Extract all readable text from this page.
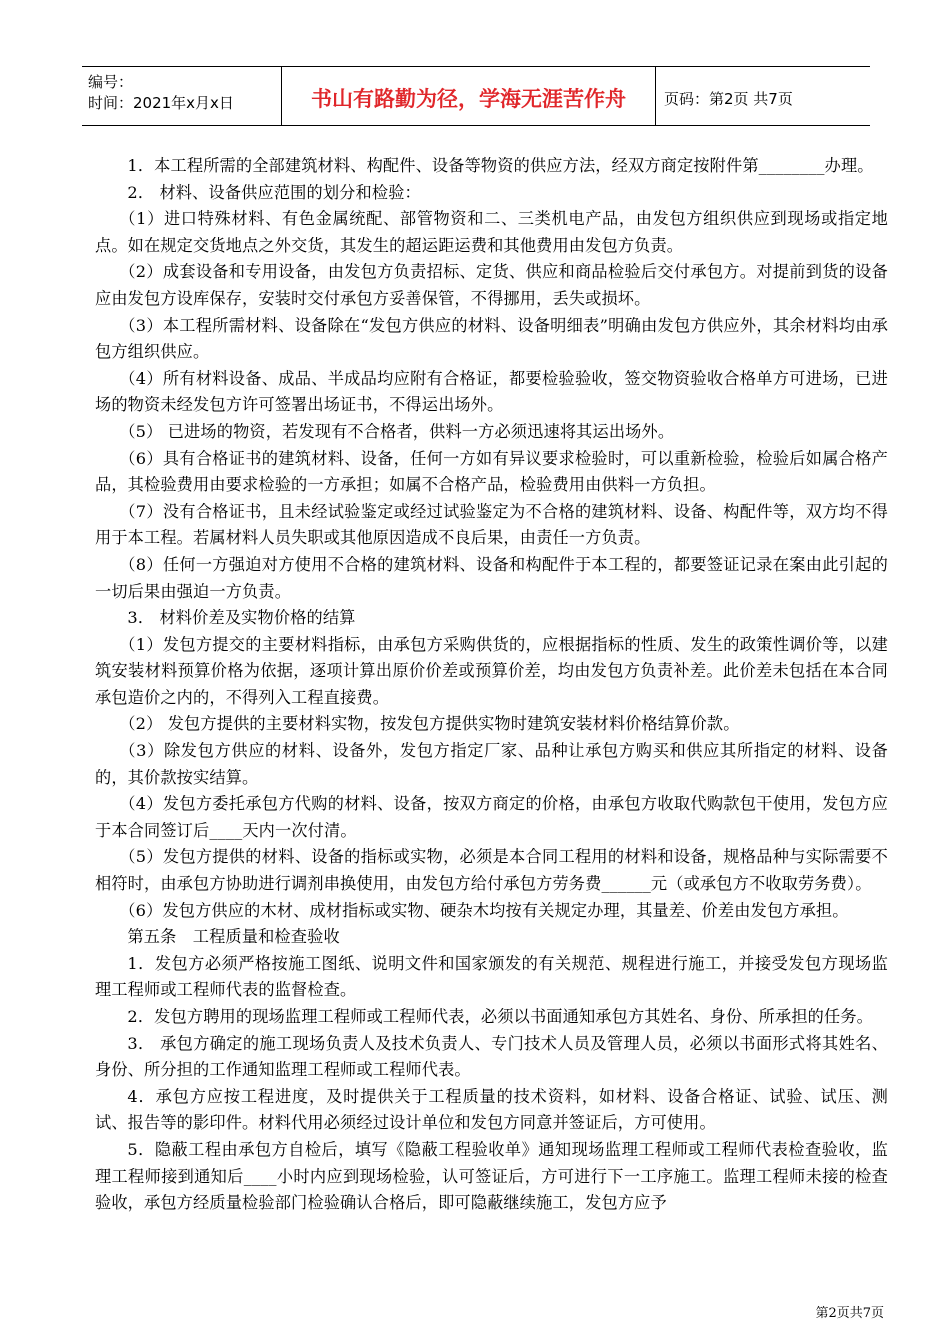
编号：
时间：2021年x月x日	书山有路勤为径，学海无涯苦作舟	页码：第2页 共7页

1．本工程所需的全部建筑材料、构配件、设备等物资的供应方法，经双方商定按附件第________办理。

2． 材料、设备供应范围的划分和检验：

（1）进口特殊材料、有色金属统配、部管物资和二、三类机电产品，由发包方组织供应到现场或指定地点。如在规定交货地点之外交货，其发生的超运距运费和其他费用由发包方负责。

（2）成套设备和专用设备，由发包方负责招标、定货、供应和商品检验后交付承包方。对提前到货的设备应由发包方设库保存，安装时交付承包方妥善保管，不得挪用，丢失或损坏。

（3）本工程所需材料、设备除在“发包方供应的材料、设备明细表”明确由发包方供应外，其余材料均由承包方组织供应。

（4）所有材料设备、成品、半成品均应附有合格证，都要检验验收，签交物资验收合格单方可进场，已进场的物资未经发包方许可签署出场证书，不得运出场外。

（5） 已进场的物资，若发现有不合格者，供料一方必须迅速将其运出场外。

（6）具有合格证书的建筑材料、设备，任何一方如有异议要求检验时，可以重新检验，检验后如属合格产品，其检验费用由要求检验的一方承担；如属不合格产品，检验费用由供料一方负担。

（7）没有合格证书，且未经试验鉴定或经过试验鉴定为不合格的建筑材料、设备、构配件等，双方均不得用于本工程。若属材料人员失职或其他原因造成不良后果，由责任一方负责。

（8）任何一方强迫对方使用不合格的建筑材料、设备和构配件于本工程的，都要签证记录在案由此引起的一切后果由强迫一方负责。

3． 材料价差及实物价格的结算

（1）发包方提交的主要材料指标，由承包方采购供货的，应根据指标的性质、发生的政策性调价等，以建筑安装材料预算价格为依据，逐项计算出原价价差或预算价差，均由发包方负责补差。此价差未包括在本合同承包造价之内的，不得列入工程直接费。

（2） 发包方提供的主要材料实物，按发包方提供实物时建筑安装材料价格结算价款。

（3）除发包方供应的材料、设备外，发包方指定厂家、品种让承包方购买和供应其所指定的材料、设备的，其价款按实结算。

（4）发包方委托承包方代购的材料、设备，按双方商定的价格，由承包方收取代购款包干使用，发包方应于本合同签订后____天内一次付清。

（5）发包方提供的材料、设备的指标或实物，必须是本合同工程用的材料和设备，规格品种与实际需要不相符时，由承包方协助进行调剂串换使用，由发包方给付承包方劳务费______元（或承包方不收取劳务费）。

（6）发包方供应的木材、成材指标或实物、硬杂木均按有关规定办理，其量差、价差由发包方承担。

第五条　工程质量和检查验收

1．发包方必须严格按施工图纸、说明文件和国家颁发的有关规范、规程进行施工，并接受发包方现场监理工程师或工程师代表的监督检查。

2．发包方聘用的现场监理工程师或工程师代表，必须以书面通知承包方其姓名、身份、所承担的任务。

3． 承包方确定的施工现场负责人及技术负责人、专门技术人员及管理人员，必须以书面形式将其姓名、身份、所分担的工作通知监理工程师或工程师代表。

4．承包方应按工程进度，及时提供关于工程质量的技术资料，如材料、设备合格证、试验、试压、测试、报告等的影印件。材料代用必须经过设计单位和发包方同意并签证后，方可使用。

5．隐蔽工程由承包方自检后，填写《隐蔽工程验收单》通知现场监理工程师或工程师代表检查验收，监理工程师接到通知后____小时内应到现场检验，认可签证后，方可进行下一工序施工。监理工程师未接的检查验收，承包方经质量检验部门检验确认合格后，即可隐蔽继续施工，发包方应予

第2页共7页
